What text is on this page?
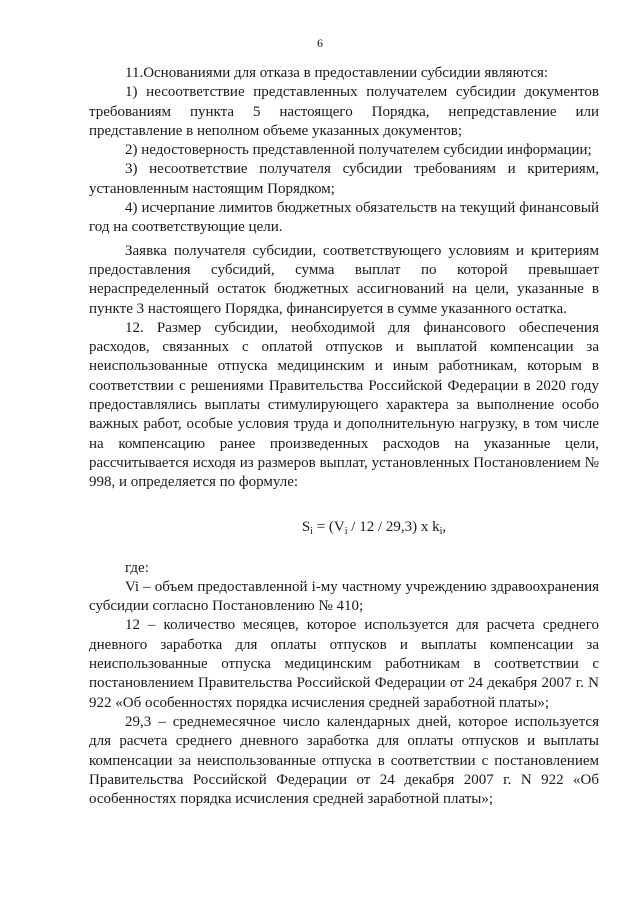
6

11.Основаниями для отказа в предоставлении субсидии являются:

1) несоответствие представленных получателем субсидии документов требованиям пункта 5 настоящего Порядка, непредставление или представление в неполном объеме указанных документов;

2) недостоверность представленной получателем субсидии информации;

3) несоответствие получателя субсидии требованиям и критериям, установленным настоящим Порядком;

4) исчерпание лимитов бюджетных обязательств на текущий финансовый год на соответствующие цели.

Заявка получателя субсидии, соответствующего условиям и критериям предоставления субсидий, сумма выплат по которой превышает нераспределенный остаток бюджетных ассигнований на цели, указанные в пункте 3 настоящего Порядка, финансируется в сумме указанного остатка.

12. Размер субсидии, необходимой для финансового обеспечения расходов, связанных с оплатой отпусков и выплатой компенсации за неиспользованные отпуска медицинским и иным работникам, которым в соответствии с решениями Правительства Российской Федерации в 2020 году предоставлялись выплаты стимулирующего характера за выполнение особо важных работ, особые условия труда и дополнительную нагрузку, в том числе на компенсацию ранее произведенных расходов на указанные цели, рассчитывается исходя из размеров выплат, установленных Постановлением № 998, и определяется по формуле:

$S_i = (V_i / 12 / 29,3)$ x $k_i$,

где:

Vi – объем предоставленной i-му частному учреждению здравоохранения субсидии согласно Постановлению № 410;

12 – количество месяцев, которое используется для расчета среднего дневного заработка для оплаты отпусков и выплаты компенсации за неиспользованные отпуска медицинским работникам в соответствии с постановлением Правительства Российской Федерации от 24 декабря 2007 г. N 922 «Об особенностях порядка исчисления средней заработной платы»;

29,3 – среднемесячное число календарных дней, которое используется для расчета среднего дневного заработка для оплаты отпусков и выплаты компенсации за неиспользованные отпуска в соответствии с постановлением Правительства Российской Федерации от 24 декабря 2007 г. N 922 «Об особенностях порядка исчисления средней заработной платы»;
